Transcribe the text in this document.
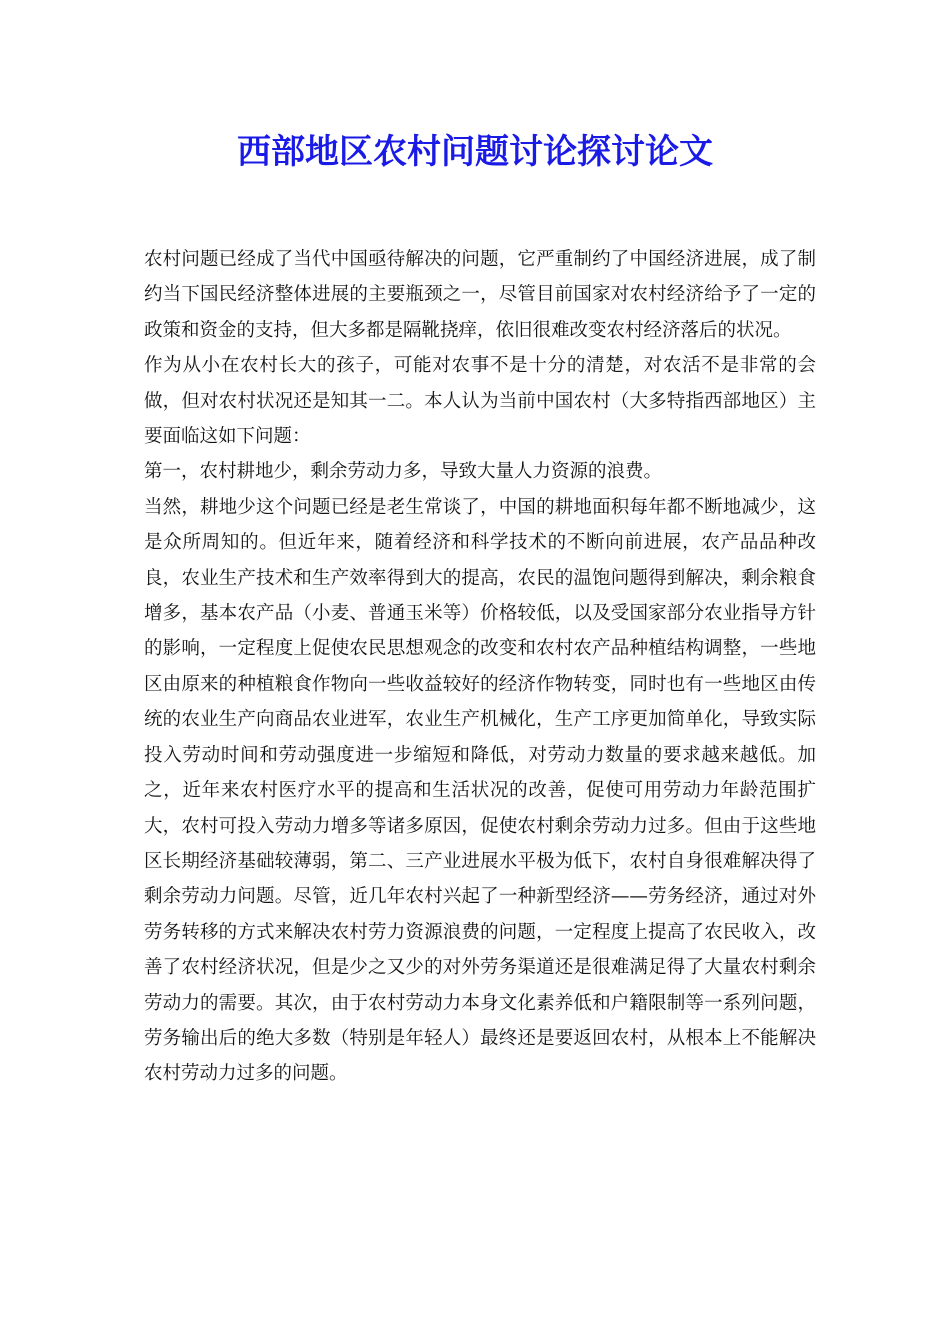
西部地区农村问题讨论探讨论文

农村问题已经成了当代中国亟待解决的问题，它严重制约了中国经济进展，成了制约当下国民经济整体进展的主要瓶颈之一，尽管目前国家对农村经济给予了一定的政策和资金的支持，但大多都是隔靴挠痒，依旧很难改变农村经济落后的状况。

作为从小在农村长大的孩子，可能对农事不是十分的清楚，对农活不是非常的会做，但对农村状况还是知其一二。本人认为当前中国农村（大多特指西部地区）主要面临这如下问题：

第一，农村耕地少，剩余劳动力多，导致大量人力资源的浪费。

当然，耕地少这个问题已经是老生常谈了，中国的耕地面积每年都不断地减少，这是众所周知的。但近年来，随着经济和科学技术的不断向前进展，农产品品种改良，农业生产技术和生产效率得到大的提高，农民的温饱问题得到解决，剩余粮食增多，基本农产品（小麦、普通玉米等）价格较低，以及受国家部分农业指导方针的影响，一定程度上促使农民思想观念的改变和农村农产品种植结构调整，一些地区由原来的种植粮食作物向一些收益较好的经济作物转变，同时也有一些地区由传统的农业生产向商品农业进军，农业生产机械化，生产工序更加简单化，导致实际投入劳动时间和劳动强度进一步缩短和降低，对劳动力数量的要求越来越低。加之，近年来农村医疗水平的提高和生活状况的改善，促使可用劳动力年龄范围扩大，农村可投入劳动力增多等诸多原因，促使农村剩余劳动力过多。但由于这些地区长期经济基础较薄弱，第二、三产业进展水平极为低下，农村自身很难解决得了剩余劳动力问题。尽管，近几年农村兴起了一种新型经济——劳务经济，通过对外劳务转移的方式来解决农村劳力资源浪费的问题，一定程度上提高了农民收入，改善了农村经济状况，但是少之又少的对外劳务渠道还是很难满足得了大量农村剩余劳动力的需要。其次，由于农村劳动力本身文化素养低和户籍限制等一系列问题，劳务输出后的绝大多数（特别是年轻人）最终还是要返回农村，从根本上不能解决农村劳动力过多的问题。
